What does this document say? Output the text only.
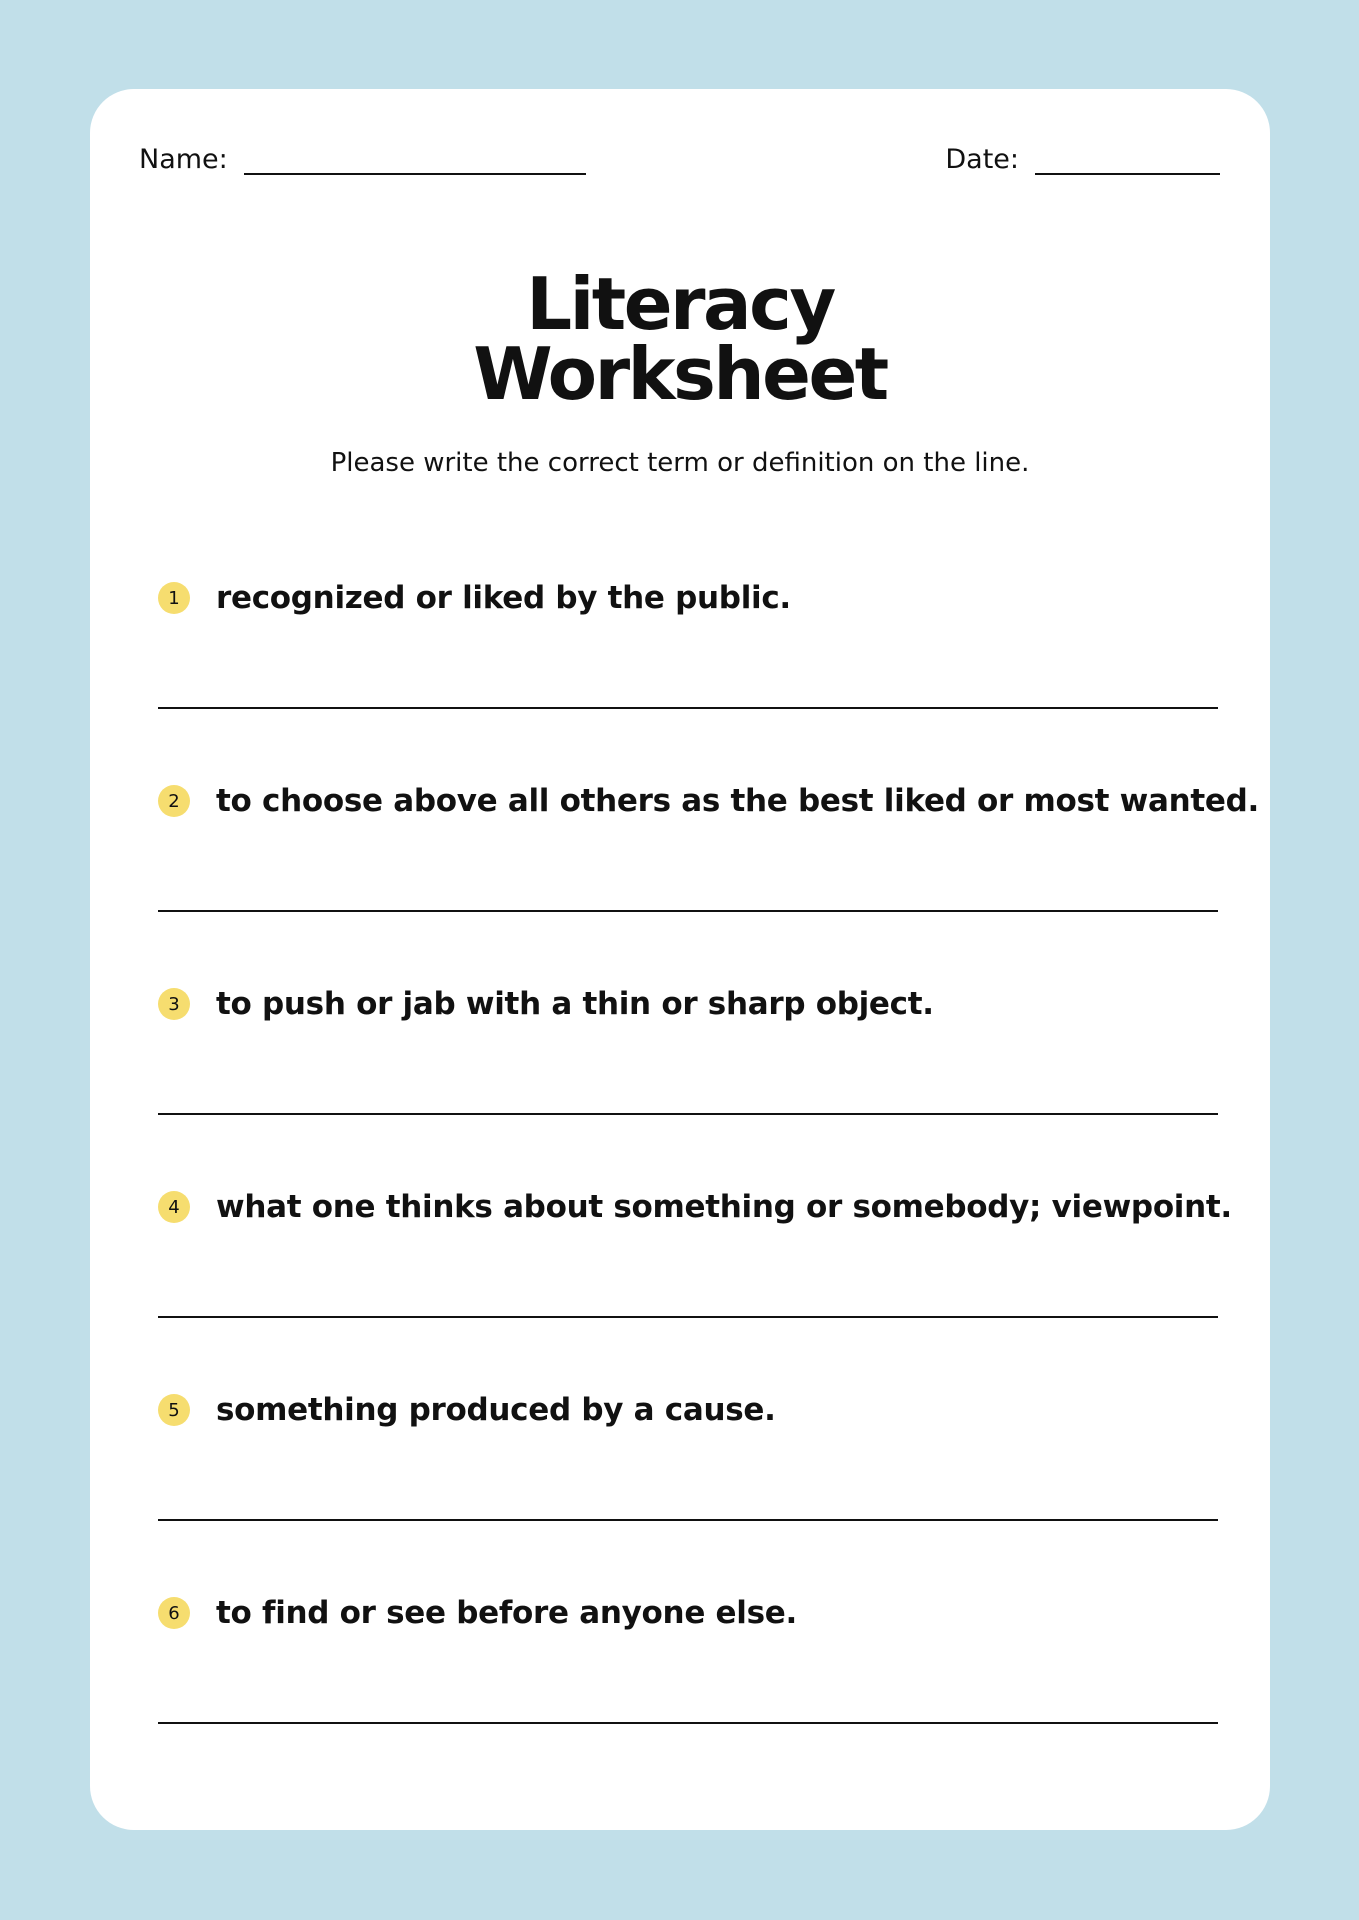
Name:	Date:
Literacy
Worksheet

Please write the correct term or definition on the line.

1	recognized or liked by the public.
2	to choose above all others as the best liked or most wanted.
3	to push or jab with a thin or sharp object.
4	what one thinks about something or somebody; viewpoint.
5	something produced by a cause.
6	to find or see before anyone else.
